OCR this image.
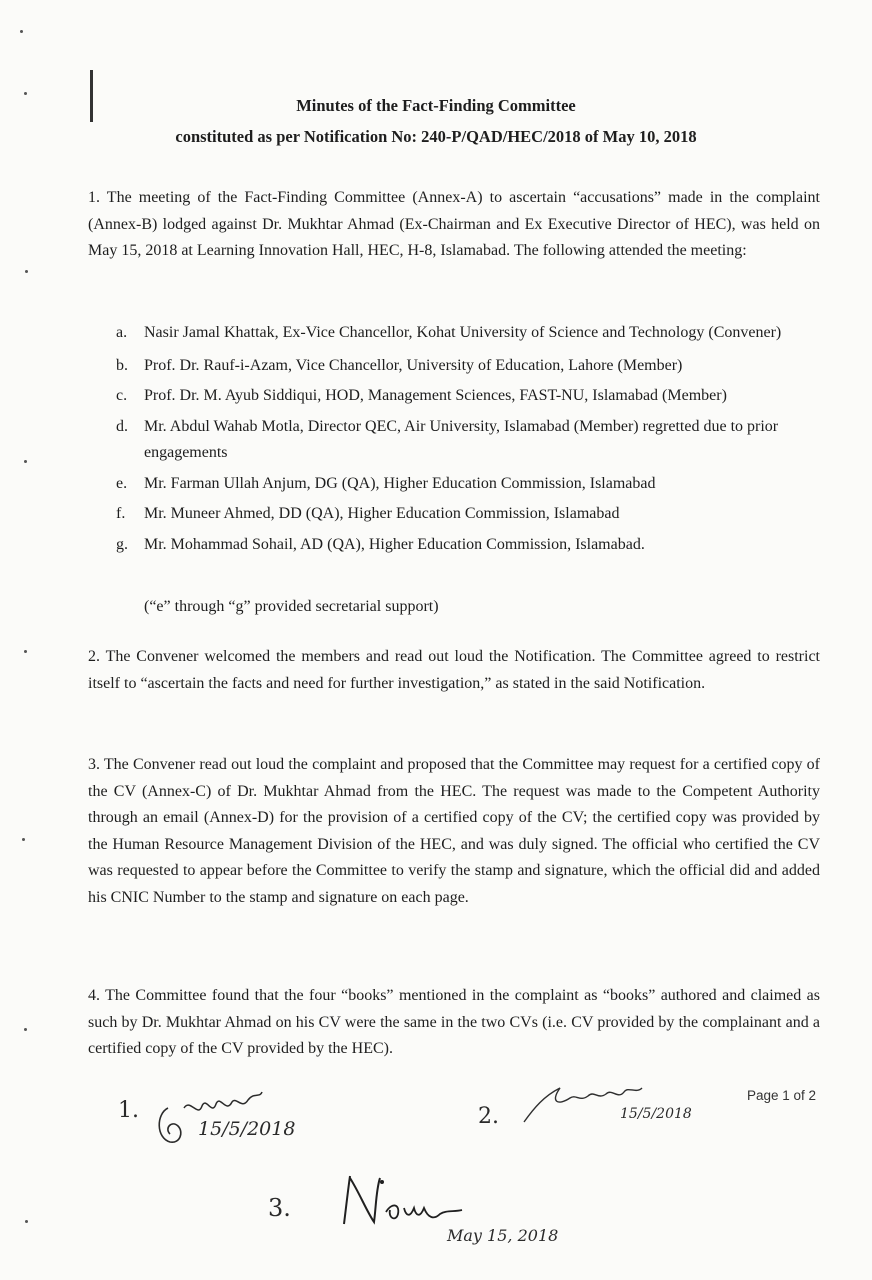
Minutes of the Fact-Finding Committee
constituted as per Notification No: 240-P/QAD/HEC/2018 of May 10, 2018
1. The meeting of the Fact-Finding Committee (Annex-A) to ascertain “accusations” made in the complaint (Annex-B) lodged against Dr. Mukhtar Ahmad (Ex-Chairman and Ex Executive Director of HEC), was held on May 15, 2018 at Learning Innovation Hall, HEC, H-8, Islamabad. The following attended the meeting:
a. Nasir Jamal Khattak, Ex-Vice Chancellor, Kohat University of Science and Technology (Convener)
b. Prof. Dr. Rauf-i-Azam, Vice Chancellor, University of Education, Lahore (Member)
c. Prof. Dr. M. Ayub Siddiqui, HOD, Management Sciences, FAST-NU, Islamabad (Member)
d. Mr. Abdul Wahab Motla, Director QEC, Air University, Islamabad (Member) regretted due to prior engagements
e. Mr. Farman Ullah Anjum, DG (QA), Higher Education Commission, Islamabad
f. Mr. Muneer Ahmed, DD (QA), Higher Education Commission, Islamabad
g. Mr. Mohammad Sohail, AD (QA), Higher Education Commission, Islamabad.
(“e” through “g” provided secretarial support)
2. The Convener welcomed the members and read out loud the Notification. The Committee agreed to restrict itself to “ascertain the facts and need for further investigation,” as stated in the said Notification.
3. The Convener read out loud the complaint and proposed that the Committee may request for a certified copy of the CV (Annex-C) of Dr. Mukhtar Ahmad from the HEC. The request was made to the Competent Authority through an email (Annex-D) for the provision of a certified copy of the CV; the certified copy was provided by the Human Resource Management Division of the HEC, and was duly signed. The official who certified the CV was requested to appear before the Committee to verify the stamp and signature, which the official did and added his CNIC Number to the stamp and signature on each page.
4. The Committee found that the four “books” mentioned in the complaint as “books” authored and claimed as such by Dr. Mukhtar Ahmad on his CV were the same in the two CVs (i.e. CV provided by the complainant and a certified copy of the CV provided by the HEC).
Page 1 of 2
1.
15/5/2018	2.	15/5/2018
3.
May 15, 2018
